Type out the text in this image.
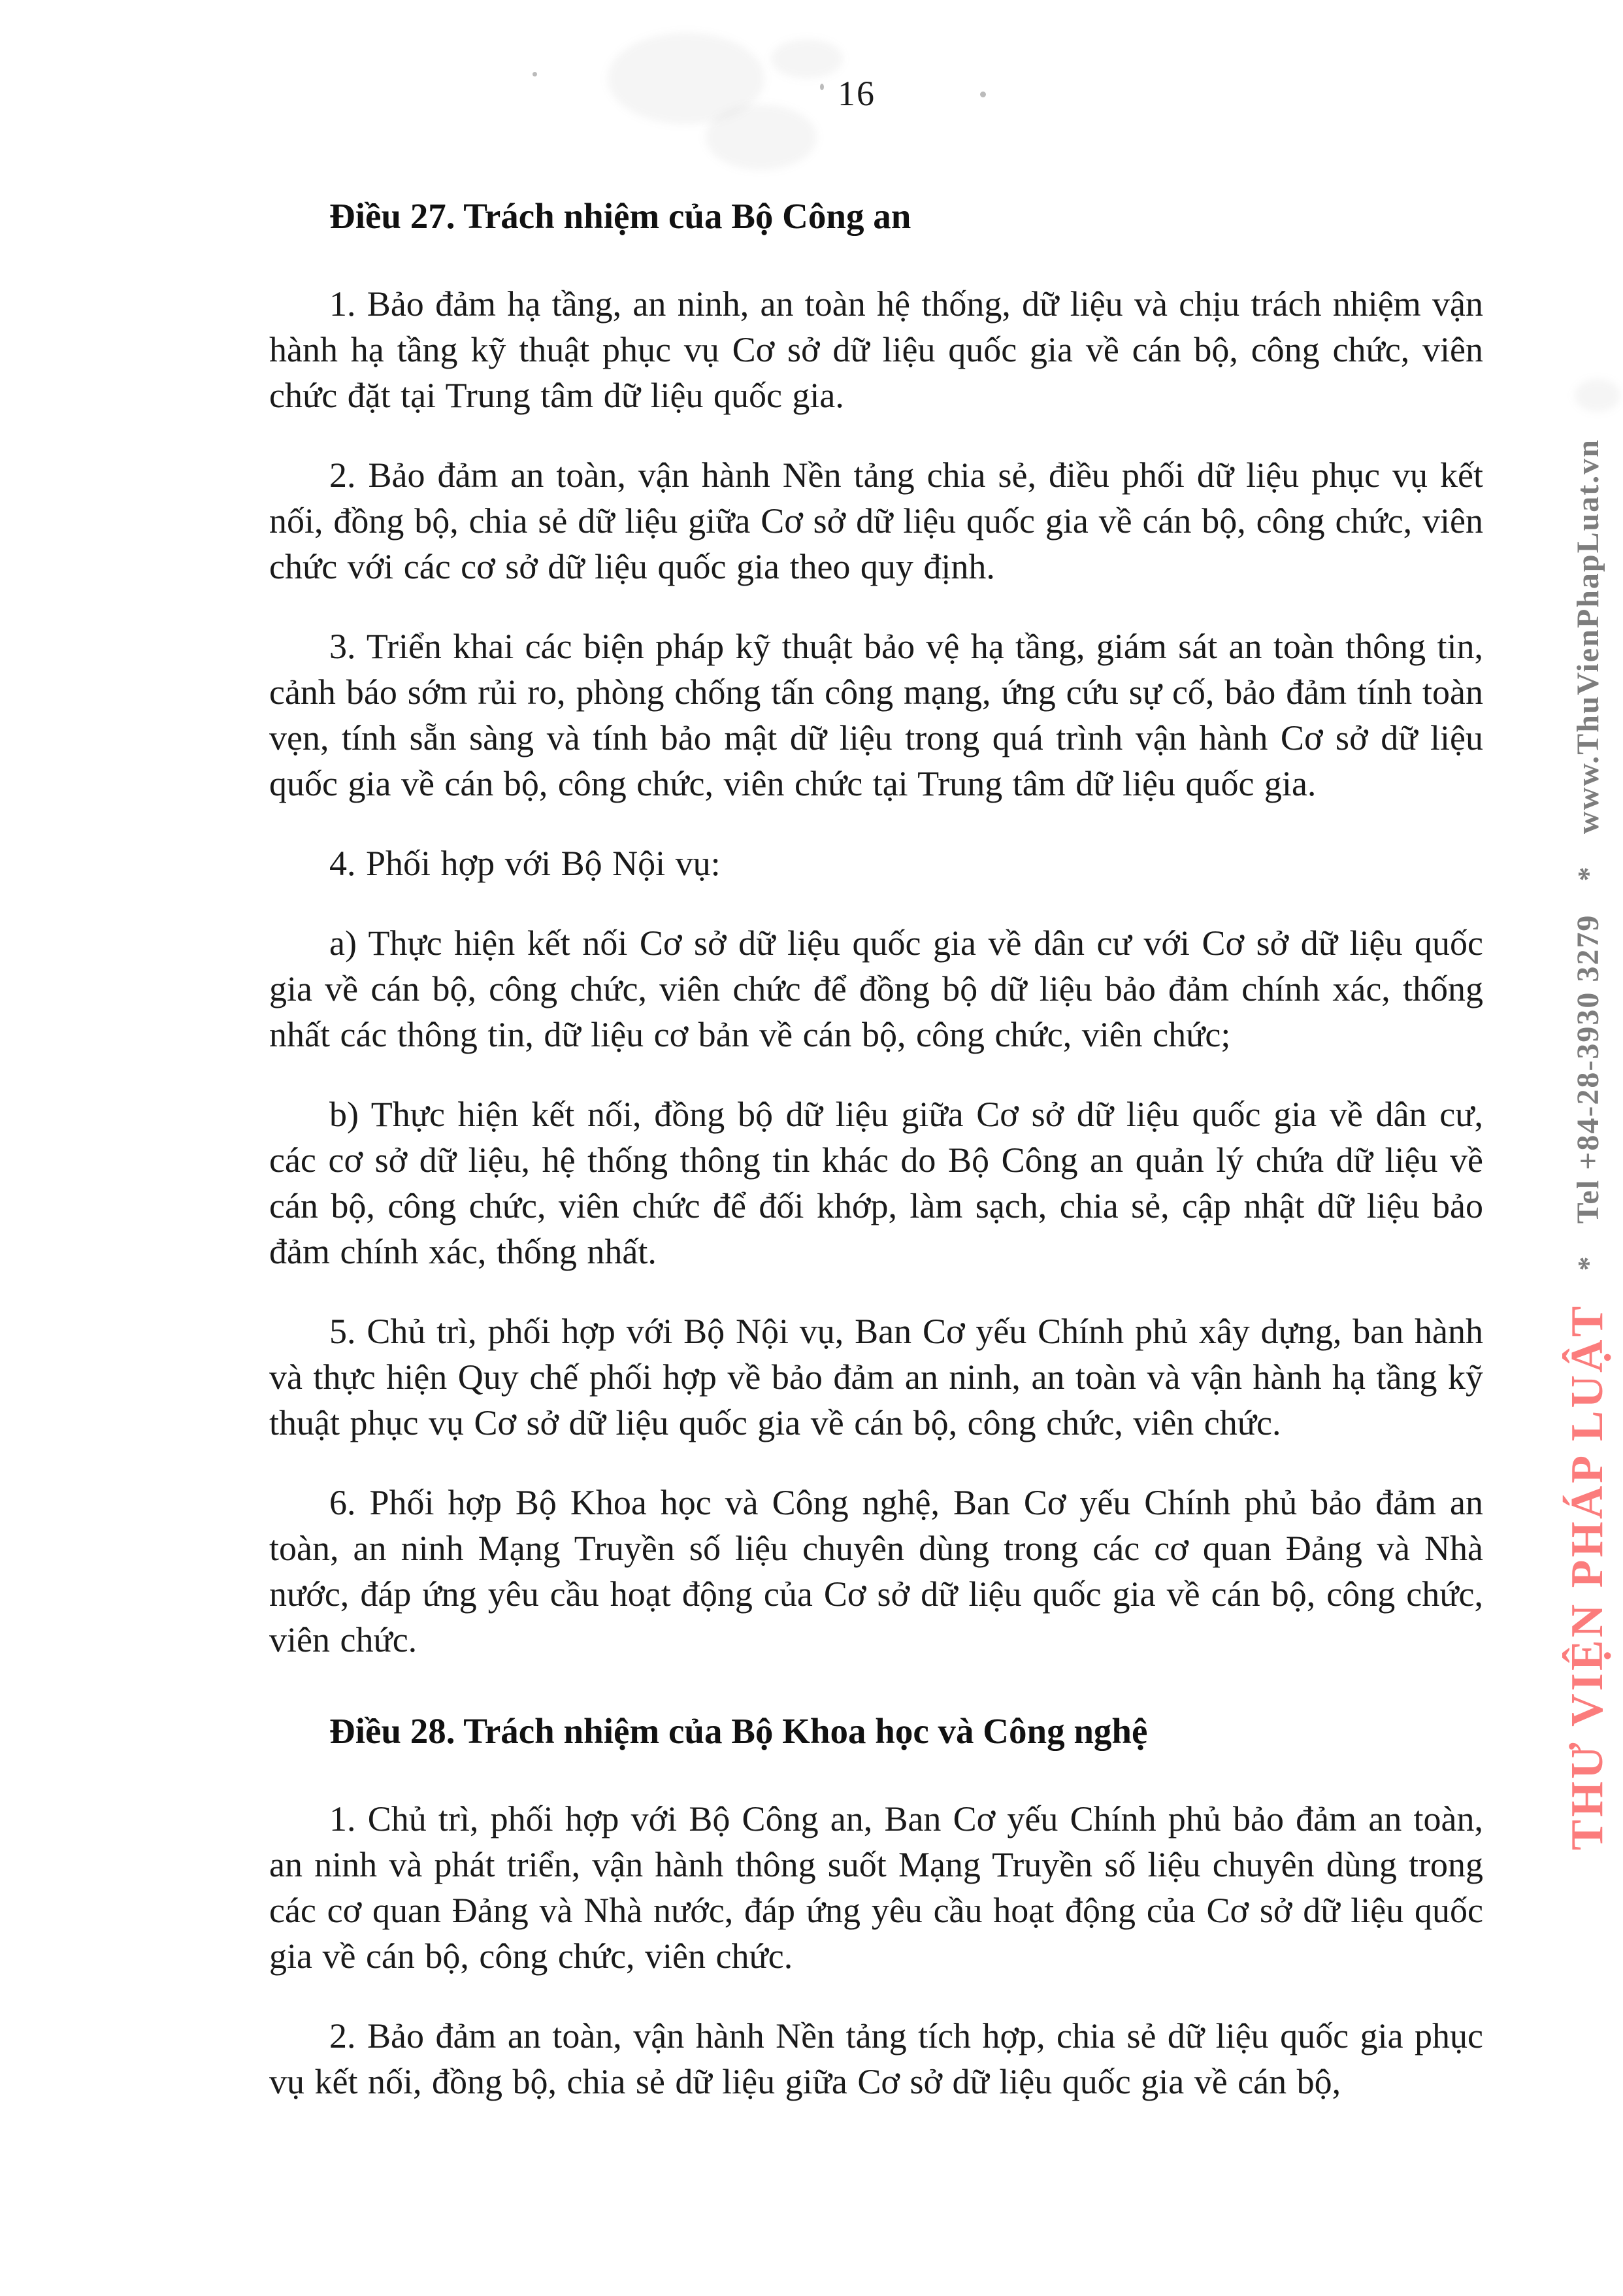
16
Điều 27. Trách nhiệm của Bộ Công an

1. Bảo đảm hạ tầng, an ninh, an toàn hệ thống, dữ liệu và chịu trách nhiệm vận hành hạ tầng kỹ thuật phục vụ Cơ sở dữ liệu quốc gia về cán bộ, công chức, viên chức đặt tại Trung tâm dữ liệu quốc gia.

2. Bảo đảm an toàn, vận hành Nền tảng chia sẻ, điều phối dữ liệu phục vụ kết nối, đồng bộ, chia sẻ dữ liệu giữa Cơ sở dữ liệu quốc gia về cán bộ, công chức, viên chức với các cơ sở dữ liệu quốc gia theo quy định.

3. Triển khai các biện pháp kỹ thuật bảo vệ hạ tầng, giám sát an toàn thông tin, cảnh báo sớm rủi ro, phòng chống tấn công mạng, ứng cứu sự cố, bảo đảm tính toàn vẹn, tính sẵn sàng và tính bảo mật dữ liệu trong quá trình vận hành Cơ sở dữ liệu quốc gia về cán bộ, công chức, viên chức tại Trung tâm dữ liệu quốc gia.

4. Phối hợp với Bộ Nội vụ:

a) Thực hiện kết nối Cơ sở dữ liệu quốc gia về dân cư với Cơ sở dữ liệu quốc gia về cán bộ, công chức, viên chức để đồng bộ dữ liệu bảo đảm chính xác, thống nhất các thông tin, dữ liệu cơ bản về cán bộ, công chức, viên chức;

b) Thực hiện kết nối, đồng bộ dữ liệu giữa Cơ sở dữ liệu quốc gia về dân cư, các cơ sở dữ liệu, hệ thống thông tin khác do Bộ Công an quản lý chứa dữ liệu về cán bộ, công chức, viên chức để đối khớp, làm sạch, chia sẻ, cập nhật dữ liệu bảo đảm chính xác, thống nhất.

5. Chủ trì, phối hợp với Bộ Nội vụ, Ban Cơ yếu Chính phủ xây dựng, ban hành và thực hiện Quy chế phối hợp về bảo đảm an ninh, an toàn và vận hành hạ tầng kỹ thuật phục vụ Cơ sở dữ liệu quốc gia về cán bộ, công chức, viên chức.

6. Phối hợp Bộ Khoa học và Công nghệ, Ban Cơ yếu Chính phủ bảo đảm an toàn, an ninh Mạng Truyền số liệu chuyên dùng trong các cơ quan Đảng và Nhà nước, đáp ứng yêu cầu hoạt động của Cơ sở dữ liệu quốc gia về cán bộ, công chức, viên chức.

Điều 28. Trách nhiệm của Bộ Khoa học và Công nghệ

1. Chủ trì, phối hợp với Bộ Công an, Ban Cơ yếu Chính phủ bảo đảm an toàn, an ninh và phát triển, vận hành thông suốt Mạng Truyền số liệu chuyên dùng trong các cơ quan Đảng và Nhà nước, đáp ứng yêu cầu hoạt động của Cơ sở dữ liệu quốc gia về cán bộ, công chức, viên chức.

2. Bảo đảm an toàn, vận hành Nền tảng tích hợp, chia sẻ dữ liệu quốc gia phục vụ kết nối, đồng bộ, chia sẻ dữ liệu giữa Cơ sở dữ liệu quốc gia về cán bộ,

THƯ VIỆN PHÁP LUẬT
*
Tel +84-28-3930 3279
*
www.ThuVienPhapLuat.vn
